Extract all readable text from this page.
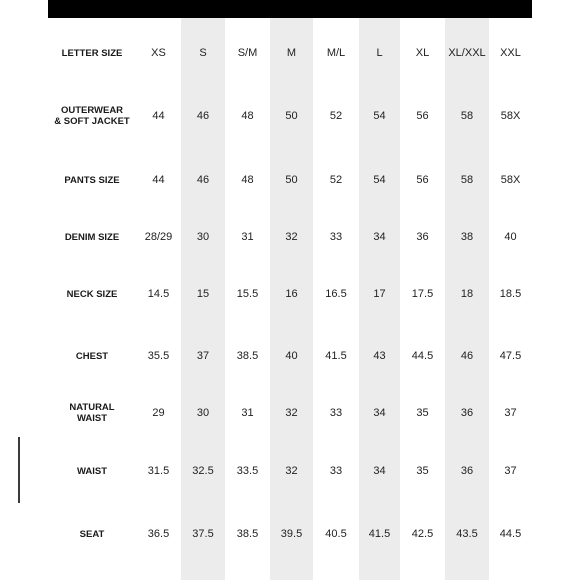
LETTER SIZE	XS	S	S/M	M	M/L	L	XL	XL/XXL	XXL
OUTERWEAR
& SOFT JACKET	44	46	48	50	52	54	56	58	58X
PANTS SIZE	44	46	48	50	52	54	56	58	58X
DENIM SIZE	28/29	30	31	32	33	34	36	38	40
NECK SIZE	14.5	15	15.5	16	16.5	17	17.5	18	18.5
CHEST	35.5	37	38.5	40	41.5	43	44.5	46	47.5
NATURAL
WAIST	29	30	31	32	33	34	35	36	37
WAIST	31.5	32.5	33.5	32	33	34	35	36	37
SEAT	36.5	37.5	38.5	39.5	40.5	41.5	42.5	43.5	44.5
